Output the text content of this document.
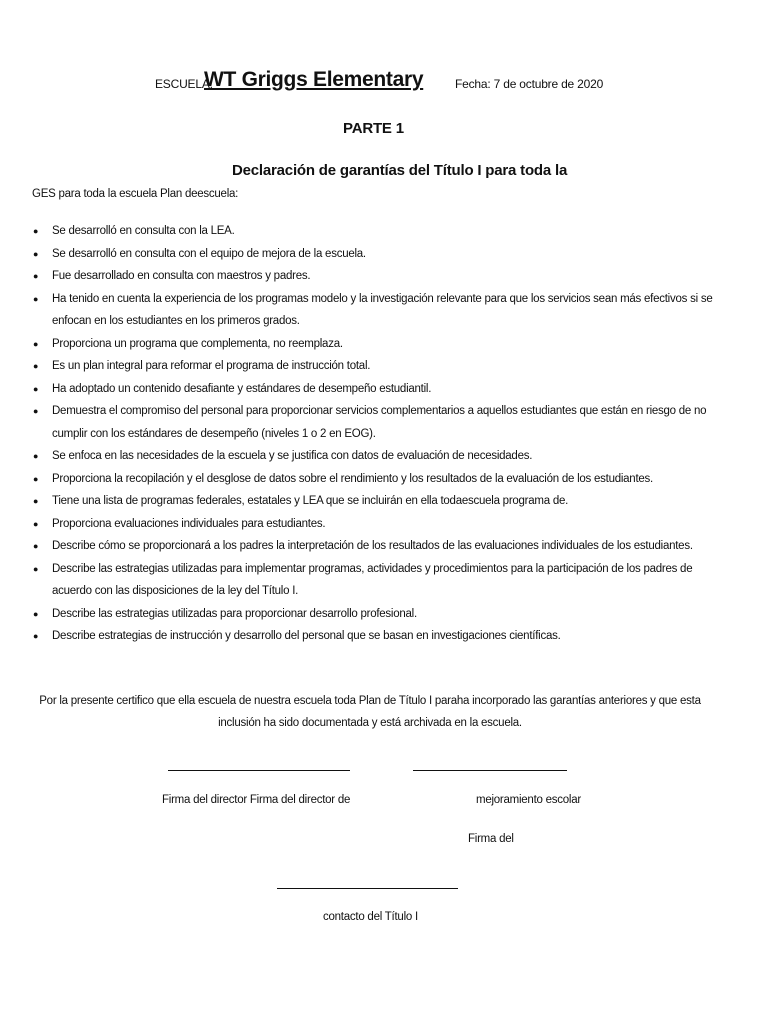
ESCUELA:
WT Griggs Elementary	Fecha: 7 de octubre de 2020
PARTE 1
Declaración de garantías del Título I para toda la
GES para toda la escuela Plan deescuela:
● Se desarrolló en consulta con la LEA.
● Se desarrolló en consulta con el equipo de mejora de la escuela.
● Fue desarrollado en consulta con maestros y padres.
● Ha tenido en cuenta la experiencia de los programas modelo y la investigación relevante para que los servicios sean más efectivos si se enfocan en los estudiantes en los primeros grados.
● Proporciona un programa que complementa, no reemplaza.
● Es un plan integral para reformar el programa de instrucción total.
● Ha adoptado un contenido desafiante y estándares de desempeño estudiantil.
● Demuestra el compromiso del personal para proporcionar servicios complementarios a aquellos estudiantes que están en riesgo de no cumplir con los estándares de desempeño (niveles 1 o 2 en EOG).
● Se enfoca en las necesidades de la escuela y se justifica con datos de evaluación de necesidades.
● Proporciona la recopilación y el desglose de datos sobre el rendimiento y los resultados de la evaluación de los estudiantes.
● Tiene una lista de programas federales, estatales y LEA que se incluirán en ella todaescuela programa de.
● Proporciona evaluaciones individuales para estudiantes.
● Describe cómo se proporcionará a los padres la interpretación de los resultados de las evaluaciones individuales de los estudiantes.
● Describe las estrategias utilizadas para implementar programas, actividades y procedimientos para la participación de los padres de acuerdo con las disposiciones de la ley del Título I.
● Describe las estrategias utilizadas para proporcionar desarrollo profesional.
● Describe estrategias de instrucción y desarrollo del personal que se basan en investigaciones científicas.
Por la presente certifico que ella escuela de nuestra escuela toda Plan de Título I paraha incorporado las garantías anteriores y que esta inclusión ha sido documentada y está archivada en la escuela.
Firma del director Firma del director de	mejoramiento escolar
Firma del
contacto del Título I
